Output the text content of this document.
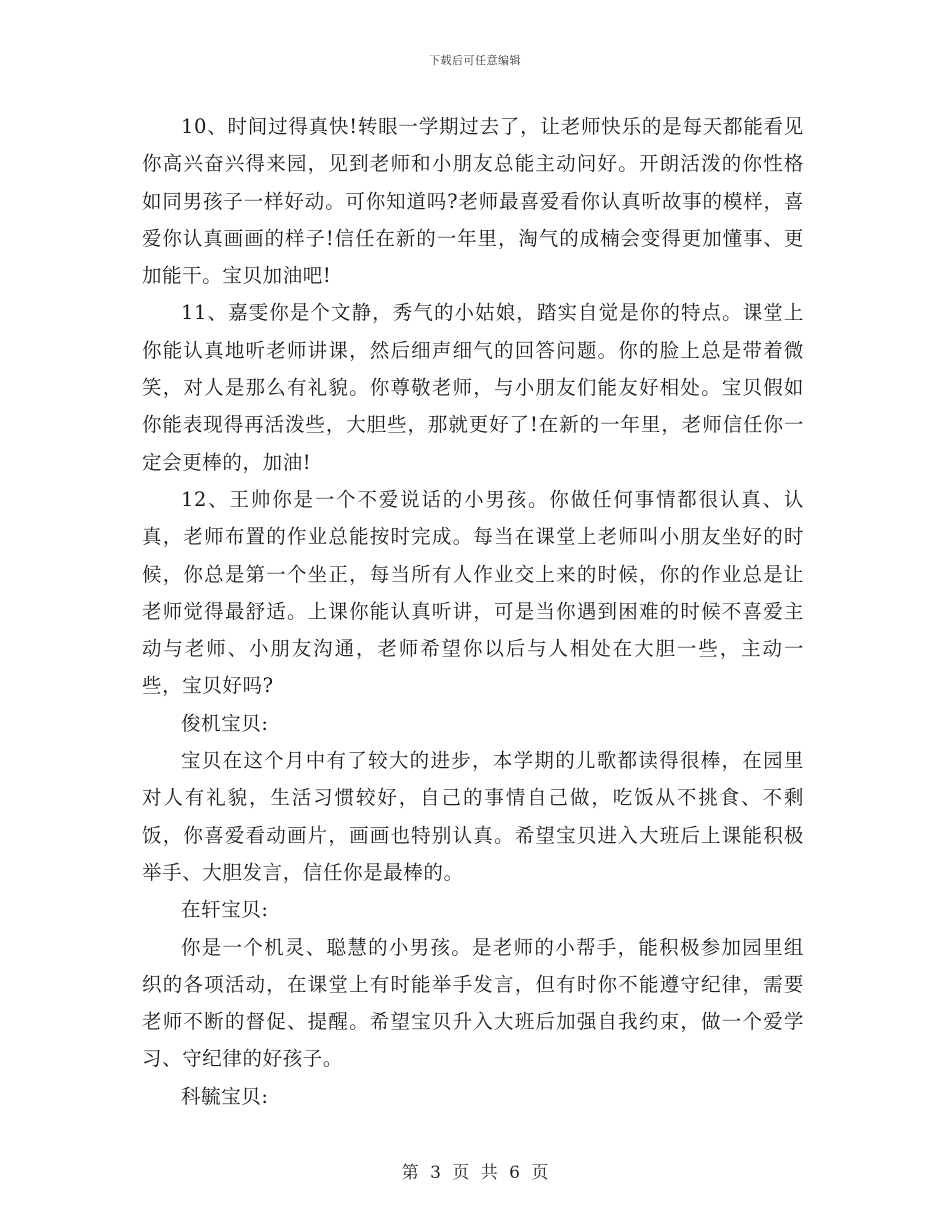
下载后可任意编辑

10、时间过得真快!转眼一学期过去了，让老师快乐的是每天都能看见你高兴奋兴得来园，见到老师和小朋友总能主动问好。开朗活泼的你性格如同男孩子一样好动。可你知道吗?老师最喜爱看你认真听故事的模样，喜爱你认真画画的样子!信任在新的一年里，淘气的成楠会变得更加懂事、更加能干。宝贝加油吧!

11、嘉雯你是个文静，秀气的小姑娘，踏实自觉是你的特点。课堂上你能认真地听老师讲课，然后细声细气的回答问题。你的脸上总是带着微笑，对人是那么有礼貌。你尊敬老师，与小朋友们能友好相处。宝贝假如你能表现得再活泼些，大胆些，那就更好了!在新的一年里，老师信任你一定会更棒的，加油!

12、王帅你是一个不爱说话的小男孩。你做任何事情都很认真、认真，老师布置的作业总能按时完成。每当在课堂上老师叫小朋友坐好的时候，你总是第一个坐正，每当所有人作业交上来的时候，你的作业总是让老师觉得最舒适。上课你能认真听讲，可是当你遇到困难的时候不喜爱主动与老师、小朋友沟通，老师希望你以后与人相处在大胆一些，主动一些，宝贝好吗?

俊机宝贝:

宝贝在这个月中有了较大的进步，本学期的儿歌都读得很棒，在园里对人有礼貌，生活习惯较好，自己的事情自己做，吃饭从不挑食、不剩饭，你喜爱看动画片，画画也特别认真。希望宝贝进入大班后上课能积极举手、大胆发言，信任你是最棒的。

在轩宝贝:

你是一个机灵、聪慧的小男孩。是老师的小帮手，能积极参加园里组织的各项活动，在课堂上有时能举手发言，但有时你不能遵守纪律，需要老师不断的督促、提醒。希望宝贝升入大班后加强自我约束，做一个爱学习、守纪律的好孩子。

科毓宝贝:

第 3 页 共 6 页
